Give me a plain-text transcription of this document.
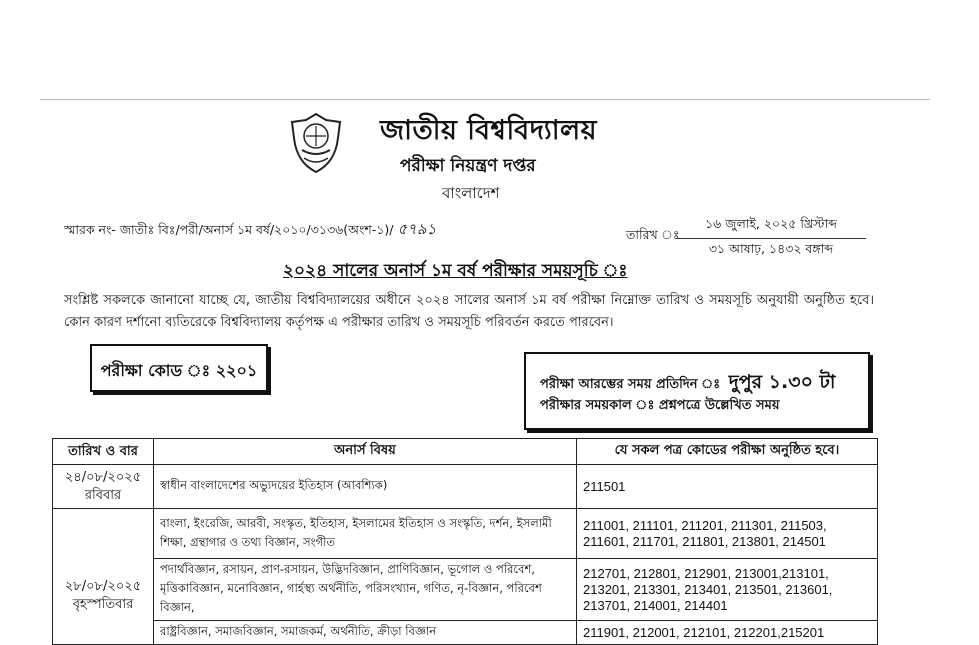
জাতীয় বিশ্ববিদ্যালয়
পরীক্ষা নিয়ন্ত্রণ দপ্তর
বাংলাদেশ
স্মারক নং- জাতীঃ বিঃ/পরী/অনার্স ১ম বর্ষ/২০১০/৩১৩৬(অংশ-১)/ ৫৭৯১	তারিখ ঃ
১৬ জুলাই, ২০২৫ খ্রিস্টাব্দ
৩১ আষাঢ়, ১৪৩২ বঙ্গাব্দ
২০২৪ সালের অনার্স ১ম বর্ষ পরীক্ষার সময়সূচি ঃ
সংশ্লিষ্ট সকলকে জানানো যাচ্ছে যে, জাতীয় বিশ্ববিদ্যালয়ের অধীনে ২০২৪ সালের অনার্স ১ম বর্ষ পরীক্ষা নিম্নোক্ত তারিখ ও সময়সূচি অনুযায়ী অনুষ্ঠিত হবে। কোন কারণ দর্শানো ব্যতিরেকে বিশ্ববিদ্যালয় কর্তৃপক্ষ এ পরীক্ষার তারিখ ও সময়সূচি পরিবর্তন করতে পারবেন।
পরীক্ষা কোড ঃ ২২০১
পরীক্ষা আরম্ভের সময় প্রতিদিন ঃ দুপুর ১.৩০ টা
পরীক্ষার সময়কাল ঃ প্রশ্নপত্রে উল্লেখিত সময়
তারিখ ও বার	অনার্স বিষয়	যে সকল পত্র কোডের পরীক্ষা অনুষ্ঠিত হবে।

২৪/০৮/২০২৫
রবিবার	স্বাধীন বাংলাদেশের অভ্যুদয়ের ইতিহাস (আবশ্যিক)	211501

২৮/০৮/২০২৫
বৃহস্পতিবার	বাংলা, ইংরেজি, আরবী, সংস্কৃত, ইতিহাস, ইসলামের ইতিহাস ও সংস্কৃতি, দর্শন, ইসলামী শিক্ষা, গ্রন্থাগার ও তথ্য বিজ্ঞান, সংগীত	211001, 211101, 211201, 211301, 211503, 211601, 211701, 211801, 213801, 214501
	পদার্থবিজ্ঞান, রসায়ন, প্রাণ-রসায়ন, উদ্ভিদবিজ্ঞান, প্রাণিবিজ্ঞান, ভূগোল ও পরিবেশ, মৃত্তিকাবিজ্ঞান, মনোবিজ্ঞান, গার্হস্থ্য অর্থনীতি, পরিসংখ্যান, গণিত, নৃ-বিজ্ঞান, পরিবেশ বিজ্ঞান,	212701, 212801, 212901, 213001,213101, 213201, 213301, 213401, 213501, 213601, 213701, 214001, 214401
	রাষ্ট্রবিজ্ঞান, সমাজবিজ্ঞান, সমাজকর্ম, অর্থনীতি, ক্রীড়া বিজ্ঞান	211901, 212001, 212101, 212201,215201
